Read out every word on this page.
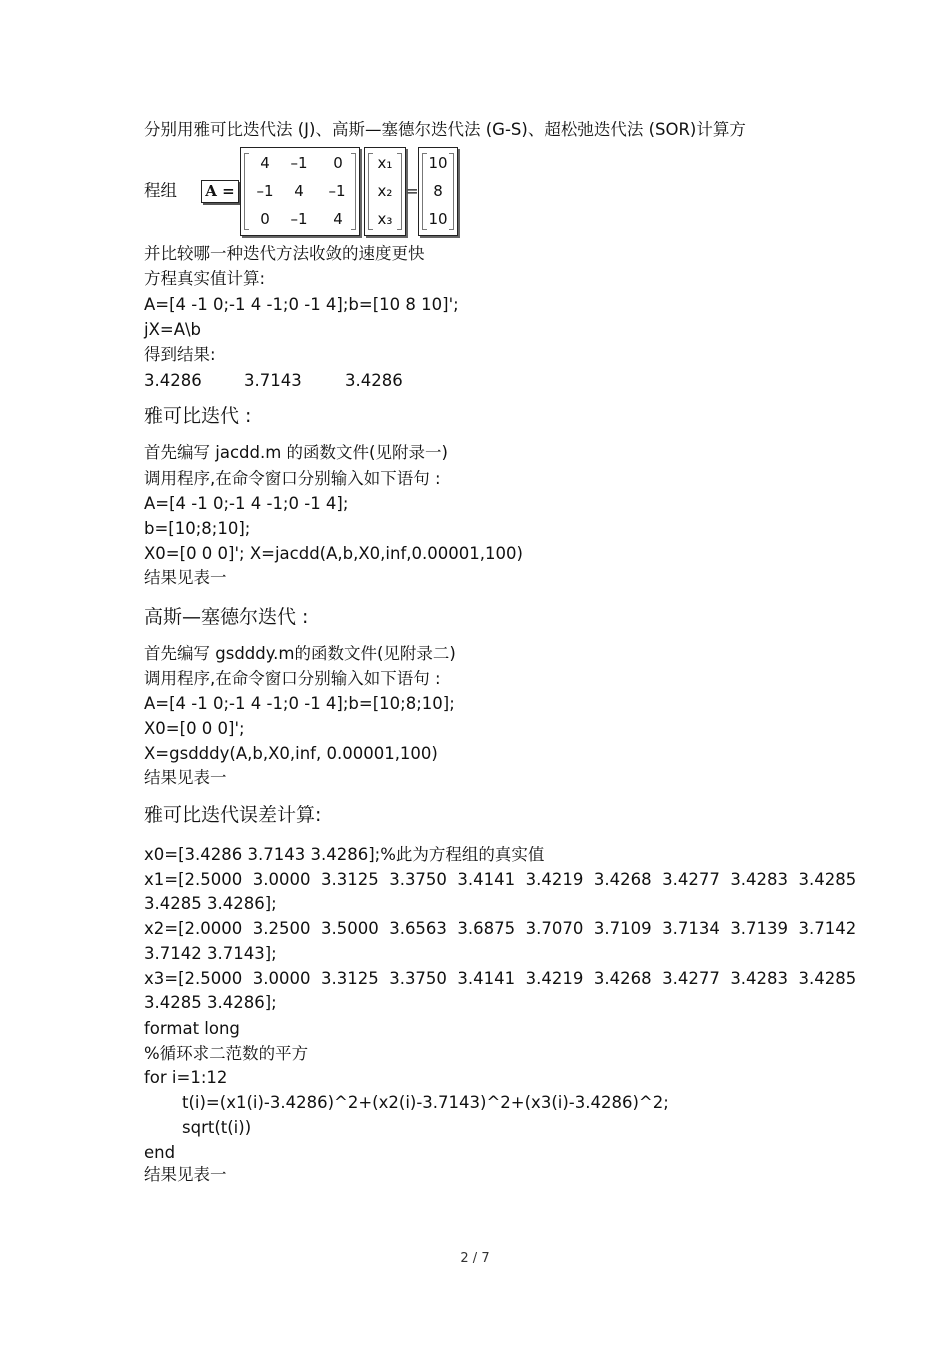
分别用雅可比迭代法 (J)、高斯—塞德尔迭代法 (G-S)、超松弛迭代法 (SOR)计算方
程组 A =
4	–1	0
–1	4	–1
0	–1	4
x₁
x₂
x₃
=
10
8
10
并比较哪一种迭代方法收敛的速度更快
方程真实值计算:
A=[4 -1 0;-1 4 -1;0 -1 4];b=[10 8 10]';
jX=A\b
得到结果:
3.4286	3.7143	3.4286
雅可比迭代 :
首先编写 jacdd.m 的函数文件(见附录一)
调用程序,在命令窗口分别输入如下语句 :
A=[4 -1 0;-1 4 -1;0 -1 4];
b=[10;8;10];
X0=[0 0 0]'; X=jacdd(A,b,X0,inf,0.00001,100)
结果见表一
高斯—塞德尔迭代 :
首先编写 gsdddy.m的函数文件(见附录二)
调用程序,在命令窗口分别输入如下语句 :
A=[4 -1 0;-1 4 -1;0 -1 4];b=[10;8;10];
X0=[0 0 0]';
X=gsdddy(A,b,X0,inf, 0.00001,100)
结果见表一
雅可比迭代误差计算:
x0=[3.4286 3.7143 3.4286];%此为方程组的真实值
x1=[2.5000  3.0000  3.3125  3.3750  3.4141  3.4219  3.4268  3.4277  3.4283  3.4285
3.4285 3.4286];
x2=[2.0000  3.2500  3.5000  3.6563  3.6875  3.7070  3.7109  3.7134  3.7139  3.7142
3.7142 3.7143];
x3=[2.5000  3.0000  3.3125  3.3750  3.4141  3.4219  3.4268  3.4277  3.4283  3.4285
3.4285 3.4286];
format long
%循环求二范数的平方
for i=1:12
t(i)=(x1(i)-3.4286)^2+(x2(i)-3.7143)^2+(x3(i)-3.4286)^2;
sqrt(t(i))
end
结果见表一
2 / 7
